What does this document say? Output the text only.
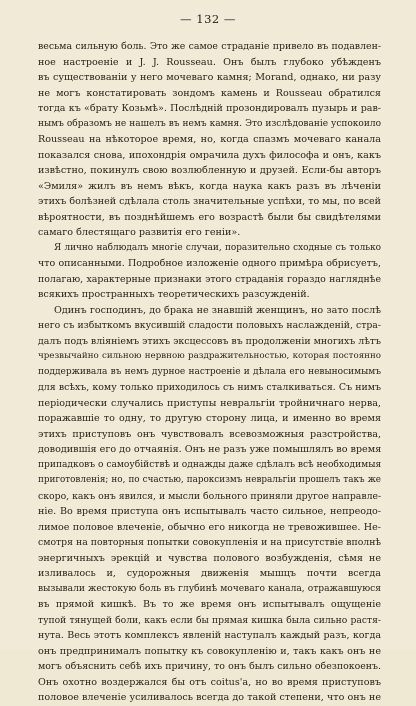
— 132 —
весьма сильную боль. Это же самое страданіе привело въ подавлен-
ное настроеніе и J. J. Rousseau. Онъ былъ глубоко убѣжденъ
въ существованіи у него мочеваго камня; Morand, однако, ни разу
не могъ констатировать зондомъ камень и Rousseau обратился
тогда къ «брату Козьмѣ». Послѣдній прозондировалъ пузырь и рав-
нымъ образомъ не нашелъ въ немъ камня. Это изслѣдованіе успокоило
Rousseau на нѣкоторое время, но, когда спазмъ мочеваго канала
показался снова, ипохондрія омрачила духъ философа и онъ, какъ
извѣстно, покинулъ свою возлюбленную и друзей. Если-бы авторъ
«Эмиля» жилъ въ немъ вѣкъ, когда наука какъ разъ въ лѣченіи
этихъ болѣзней сдѣлала столь значительные успѣхи, то мы, по всей
вѣроятности, въ позднѣйшемъ его возрастѣ были бы свидѣтелями
самаго блестящаго развитія его геніи».
Я лично наблюдалъ многіе случаи, поразительно сходные съ только
что описанными. Подробное изложеніе одного примѣра обрисуетъ,
полагаю, характерные признаки этого страданія гораздо нагляднѣе
всякихъ пространныхъ теоретическихъ разсужденій.
Одинъ господинъ, до брака не знавшій женщинъ, но зато послѣ
него съ избыткомъ вкусившій сладости половыхъ наслажденій, стра-
далъ подъ вліяніемъ этихъ эксцессовъ въ продолженіи многихъ лѣтъ
чрезвычайно сильною нервною раздражительностью, которая постоянно
поддерживала въ немъ дурное настроеніе и дѣлала его невыносимымъ
для всѣхъ, кому только приходилось съ нимъ сталкиваться. Съ нимъ
періодически случались приступы невральгіи тройничнаго нерва,
поражавшіе то одну, то другую сторону лица, и именно во время
этихъ приступовъ онъ чувствовалъ всевозможныя разстройства,
доводившія его до отчаянія. Онъ не разъ уже помышлялъ во время
припадковъ о самоубійствѣ и однажды даже сдѣлалъ всѣ необходимыя
приготовленія; но, по счастью, пароксизмъ невральгіи прошелъ такъ же
скоро, какъ онъ явился, и мысли больного приняли другое направле-
ніе. Во время приступа онъ испытывалъ часто сильное, непреодо-
лимое половое влеченіе, обычно его никогда не тревожившее. Не-
смотря на повторныя попытки совокупленія и на присутствіе вполнѣ
энергичныхъ эрекцій и чувства полового возбужденія, сѣмя не
изливалось и, судорожныя движенія мышцъ почти всегда
вызывали жестокую боль въ глубинѣ мочеваго канала, отражавшуюся
въ прямой кишкѣ. Въ то же время онъ испытывалъ ощущеніе
тупой тянущей боли, какъ если бы прямая кишка была сильно растя-
нута. Весь этотъ комплексъ явленій наступалъ каждый разъ, когда
онъ предпринималъ попытку къ совокупленію и, такъ какъ онъ не
могъ объяснить себѣ ихъ причину, то онъ былъ сильно обезпокоенъ.
Онъ охотно воздержался бы отъ coitus'а, но во время приступовъ
половое влеченіе усиливалось всегда до такой степени, что онъ не
